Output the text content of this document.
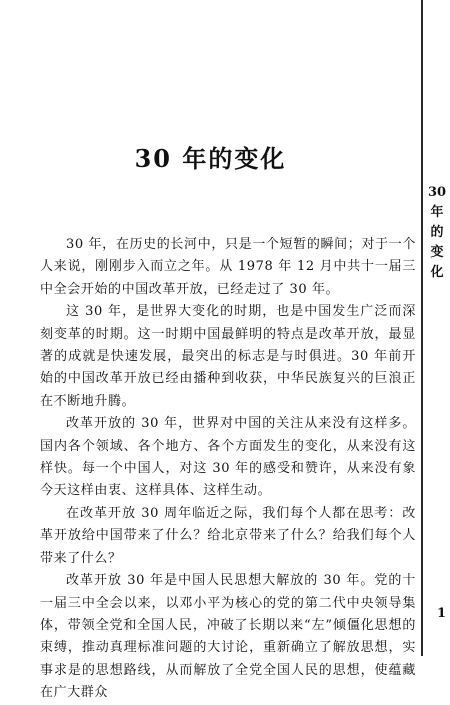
30 年的变化
30
年
的
变
化

30 年，在历史的长河中，只是一个短暂的瞬间；对于一个人来说，刚刚步入而立之年。从 1978 年 12 月中共十一届三中全会开始的中国改革开放，已经走过了 30 年。

这 30 年，是世界大变化的时期，也是中国发生广泛而深刻变革的时期。这一时期中国最鲜明的特点是改革开放，最显著的成就是快速发展，最突出的标志是与时俱进。30 年前开始的中国改革开放已经由播种到收获，中华民族复兴的巨浪正在不断地升腾。

改革开放的 30 年，世界对中国的关注从来没有这样多。国内各个领域、各个地方、各个方面发生的变化，从来没有这样快。每一个中国人，对这 30 年的感受和赞许，从来没有象今天这样由衷、这样具体、这样生动。

在改革开放 30 周年临近之际，我们每个人都在思考：改革开放给中国带来了什么？给北京带来了什么？给我们每个人带来了什么？

改革开放 30 年是中国人民思想大解放的 30 年。党的十一届三中全会以来，以邓小平为核心的党的第二代中央领导集体，带领全党和全国人民，冲破了长期以来“左”倾僵化思想的束缚，推动真理标准问题的大讨论，重新确立了解放思想，实事求是的思想路线，从而解放了全党全国人民的思想，使蕴藏在广大群众

1
